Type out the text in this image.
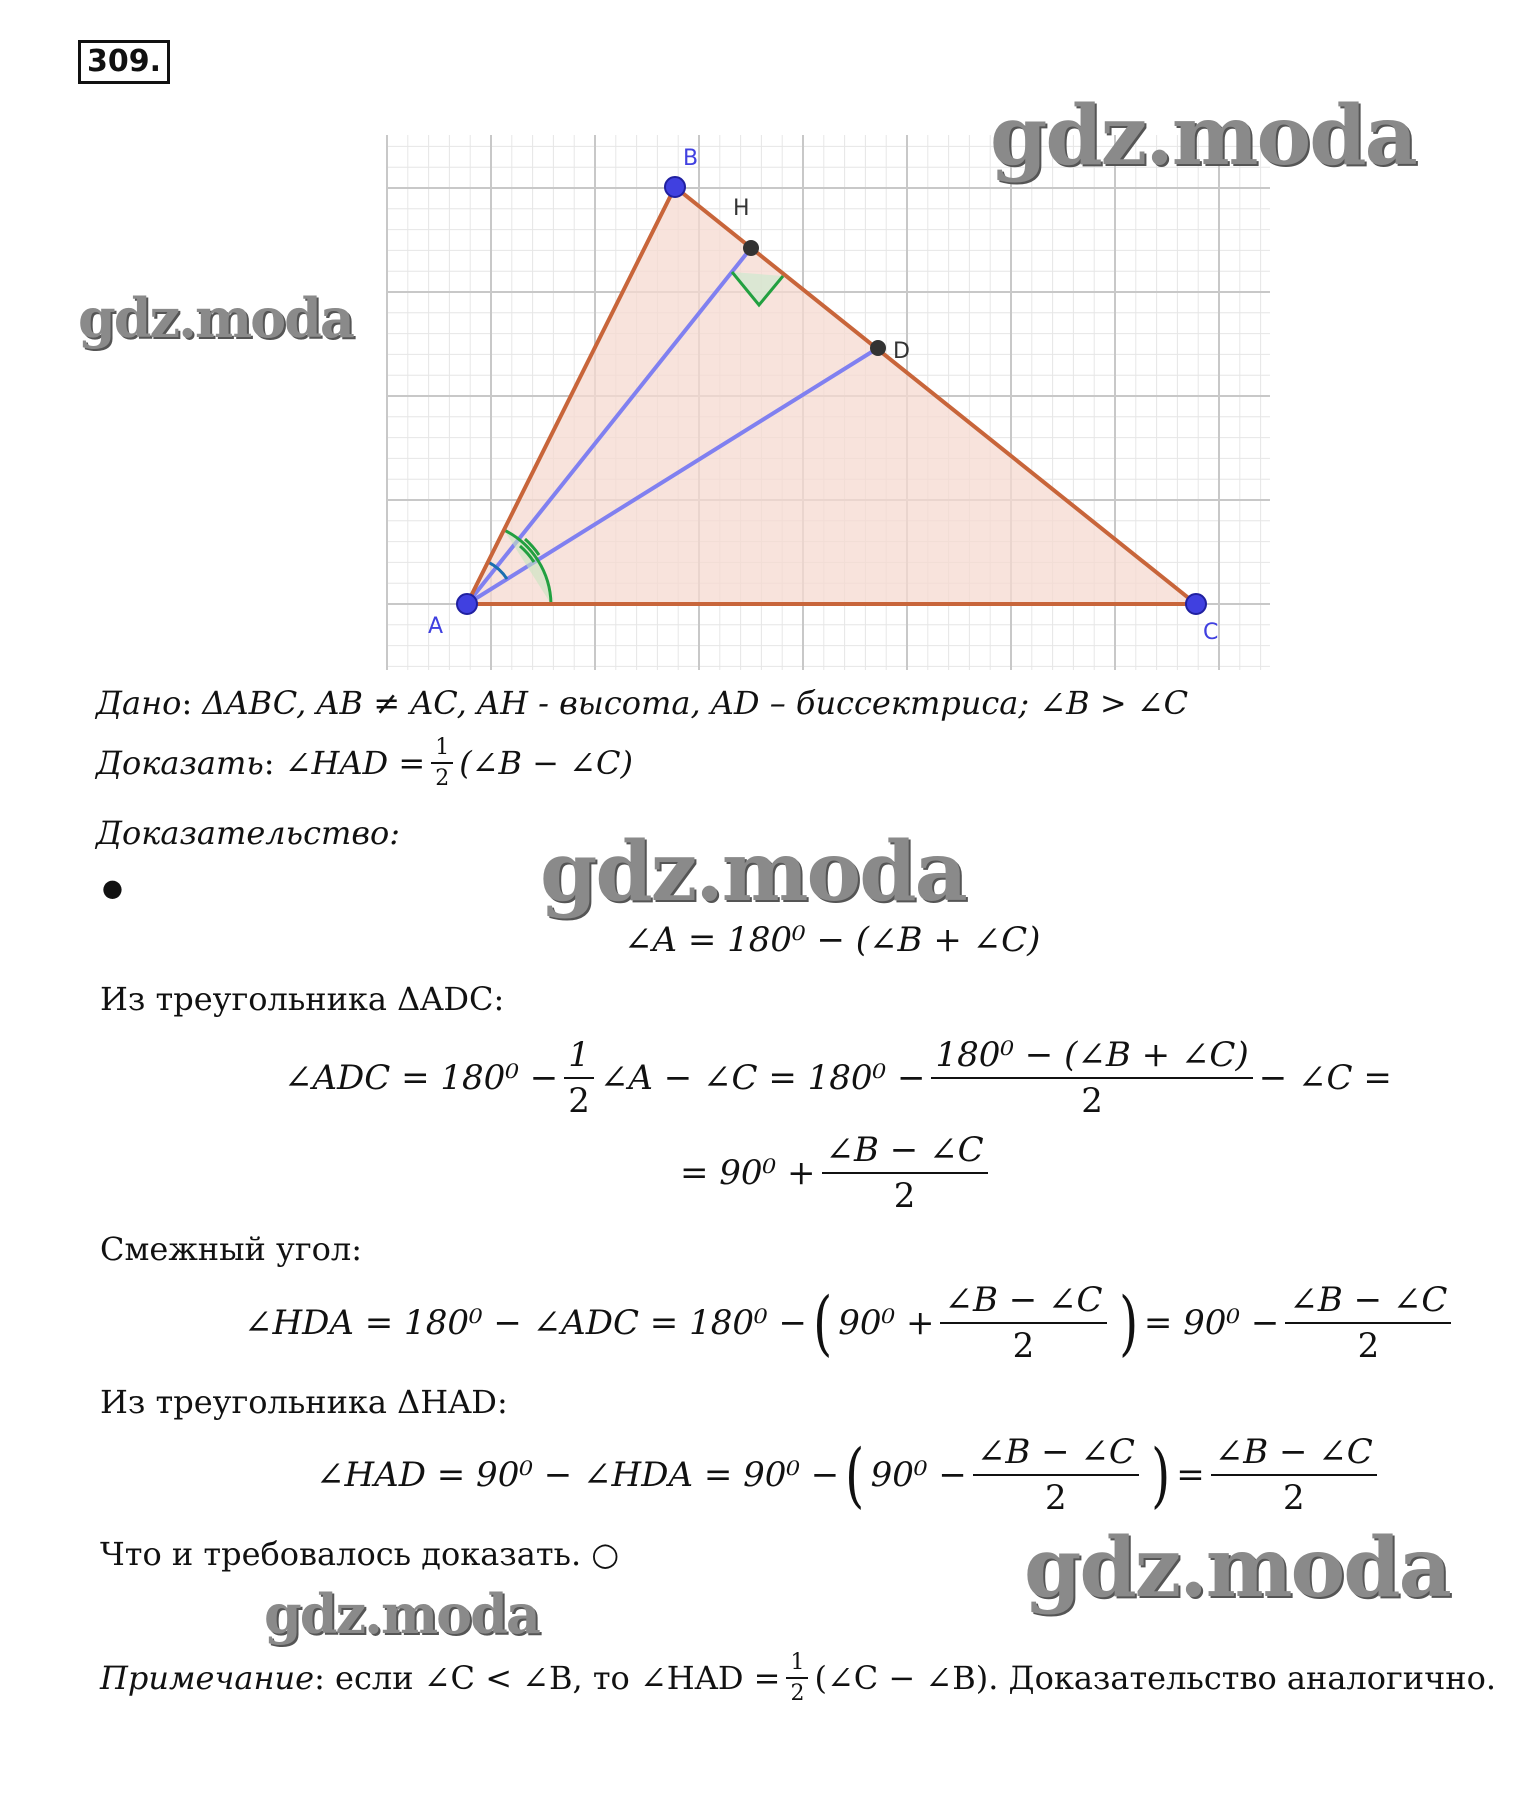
309.
A
B
C
H
D
gdz.moda
gdz.moda
Дано: ΔABC, AB ≠ AC, AH - высота, AD – биссектриса; ∠B > ∠C
Доказать : ∠HAD = $\frac{1}{2}$ (∠B − ∠C)
Доказательство:
●	gdz.moda
∠A = 180⁰ − (∠B + ∠C)
Из треугольника ΔADC:
∠ADC = $180^0 - \frac{1}{2}$ ∠A − ∠C = $180^0 - \frac{\text{180⁰ − (∠B + ∠C)}}{2}$ − ∠C =
= $90^0 + \frac{\angle B - \angle C}{2}$
Смежный угол:
∠HDA = 180⁰ − ∠ADC = 180⁰ − ( $90^0 + \frac{\angle B - \angle C}{2}$ ) = $90^0 - \frac{\angle B - \angle C}{2}$
Из треугольника ΔHAD:
∠HAD = 90⁰ − ∠HDA = 90⁰ − ( $90^0 - \frac{\angle B - \angle C}{2}$ ) = $\frac{\angle B - \angle C}{2}$
Что и требовалось доказать. ○	gdz.moda
gdz.moda
Примечание : если ∠C < ∠B, то ∠HAD = $\frac{1}{2}$ (∠C − ∠B). Доказательство аналогично.
